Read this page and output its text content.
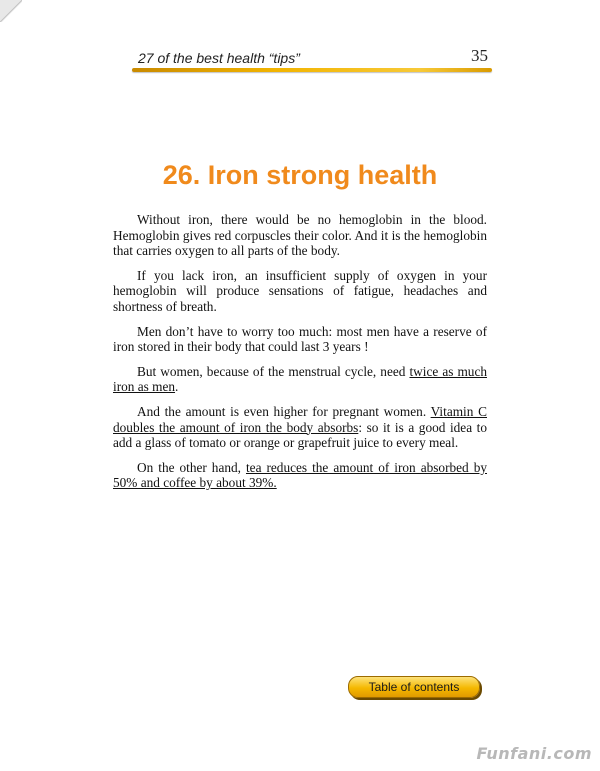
27 of the best health “tips”	35
26. Iron strong health

Without iron, there would be no hemoglobin in the blood. Hemoglobin gives red corpuscles their color. And it is the hemoglobin that carries oxygen to all parts of the body.

If you lack iron, an insufficient supply of oxygen in your hemoglobin will produce sensations of fatigue, headaches and shortness of breath.

Men don’t have to worry too much: most men have a reserve of iron stored in their body that could last 3 years !

But women, because of the menstrual cycle, need twice as much iron as men.

And the amount is even higher for pregnant women. Vitamin C doubles the amount of iron the body absorbs: so it is a good idea to add a glass of tomato or orange or grapefruit juice to every meal.

On the other hand, tea reduces the amount of iron absorbed by 50% and coffee by about 39%.

Table of contents
Funfani.com
